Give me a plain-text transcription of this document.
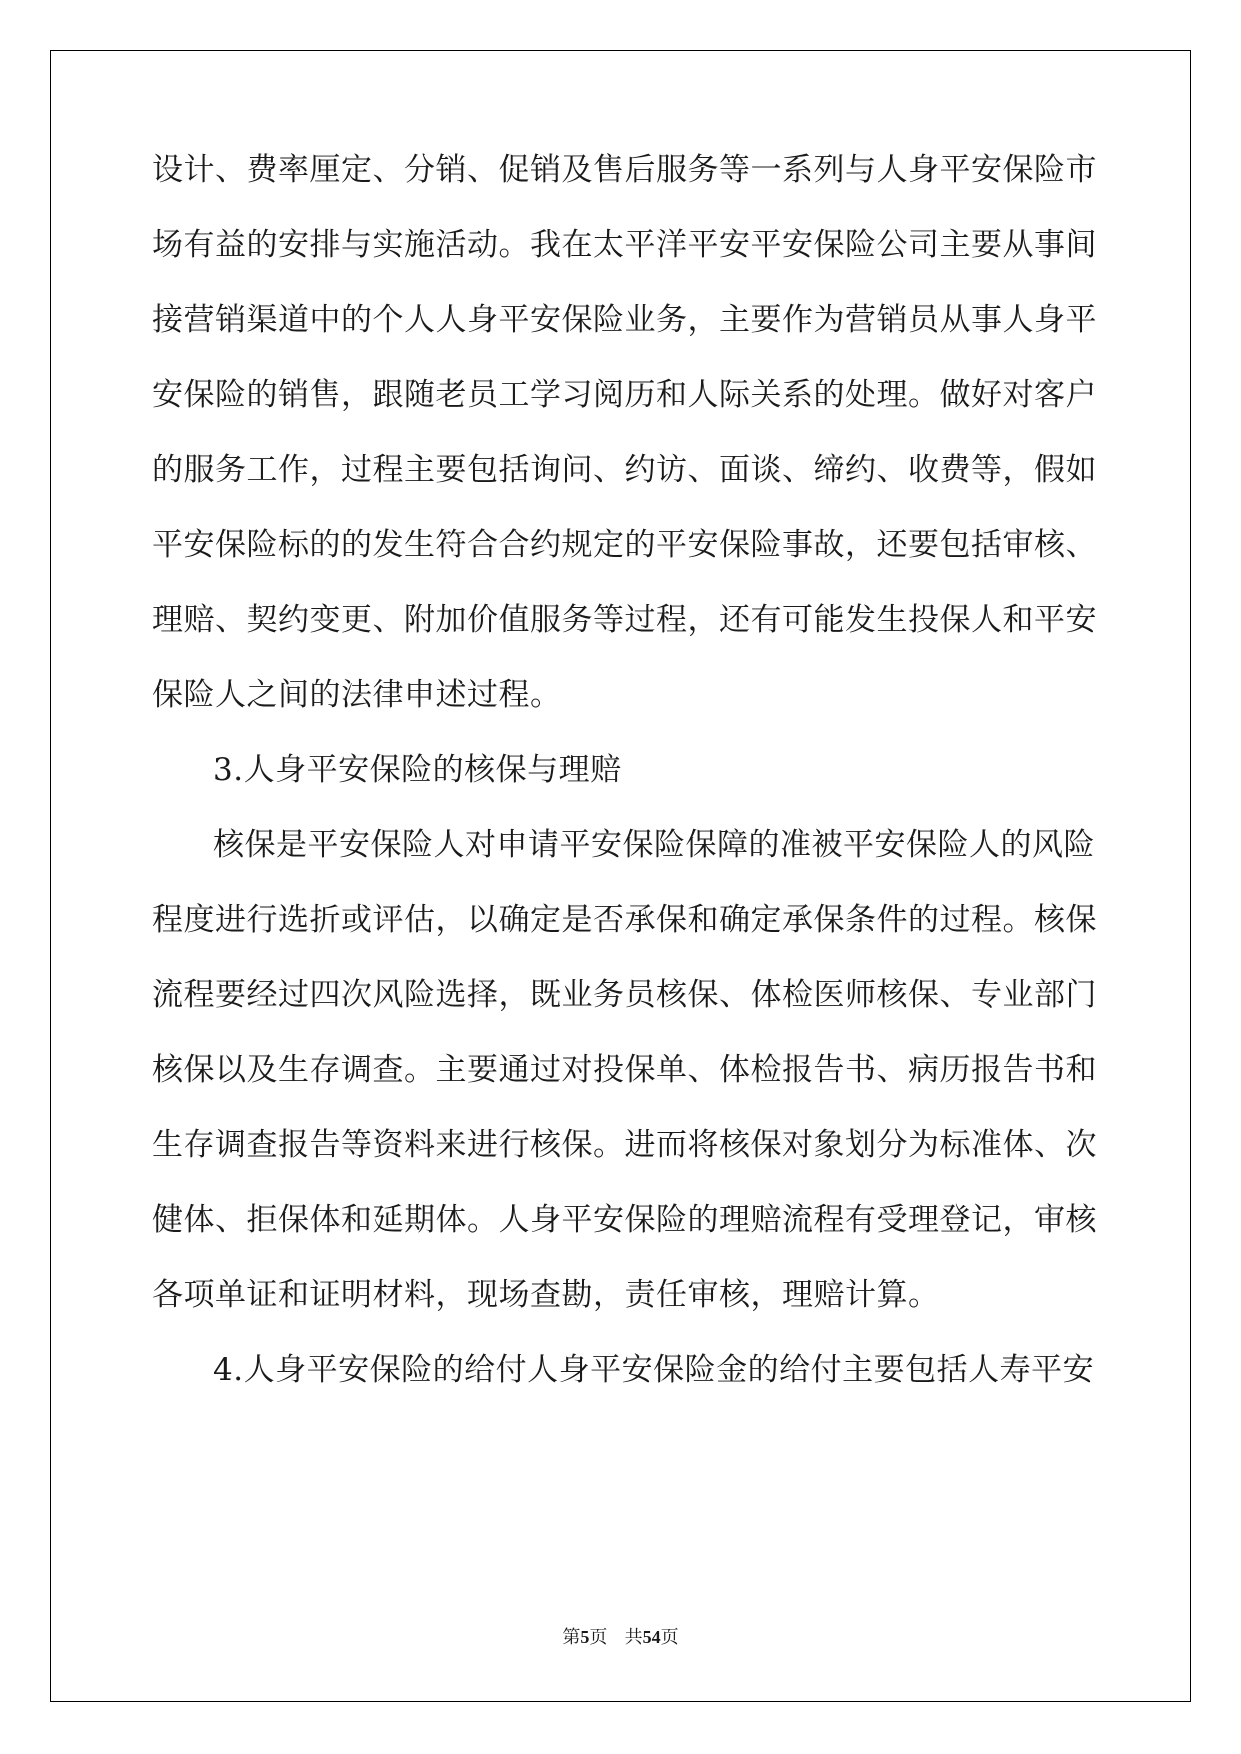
设计、费率厘定、分销、促销及售后服务等一系列与人身平安保险市
场有益的安排与实施活动。我在太平洋平安平安保险公司主要从事间
接营销渠道中的个人人身平安保险业务，主要作为营销员从事人身平
安保险的销售，跟随老员工学习阅历和人际关系的处理。做好对客户
的服务工作，过程主要包括询问、约访、面谈、缔约、收费等，假如
平安保险标的的发生符合合约规定的平安保险事故，还要包括审核、
理赔、契约变更、附加价值服务等过程，还有可能发生投保人和平安
保险人之间的法律申述过程。
3.人身平安保险的核保与理赔
核保是平安保险人对申请平安保险保障的准被平安保险人的风险
程度进行选折或评估，以确定是否承保和确定承保条件的过程。核保
流程要经过四次风险选择，既业务员核保、体检医师核保、专业部门
核保以及生存调查。主要通过对投保单、体检报告书、病历报告书和
生存调查报告等资料来进行核保。进而将核保对象划分为标准体、次
健体、拒保体和延期体。人身平安保险的理赔流程有受理登记，审核
各项单证和证明材料，现场查勘，责任审核，理赔计算。
4.人身平安保险的给付人身平安保险金的给付主要包括人寿平安
第5页 共54页
